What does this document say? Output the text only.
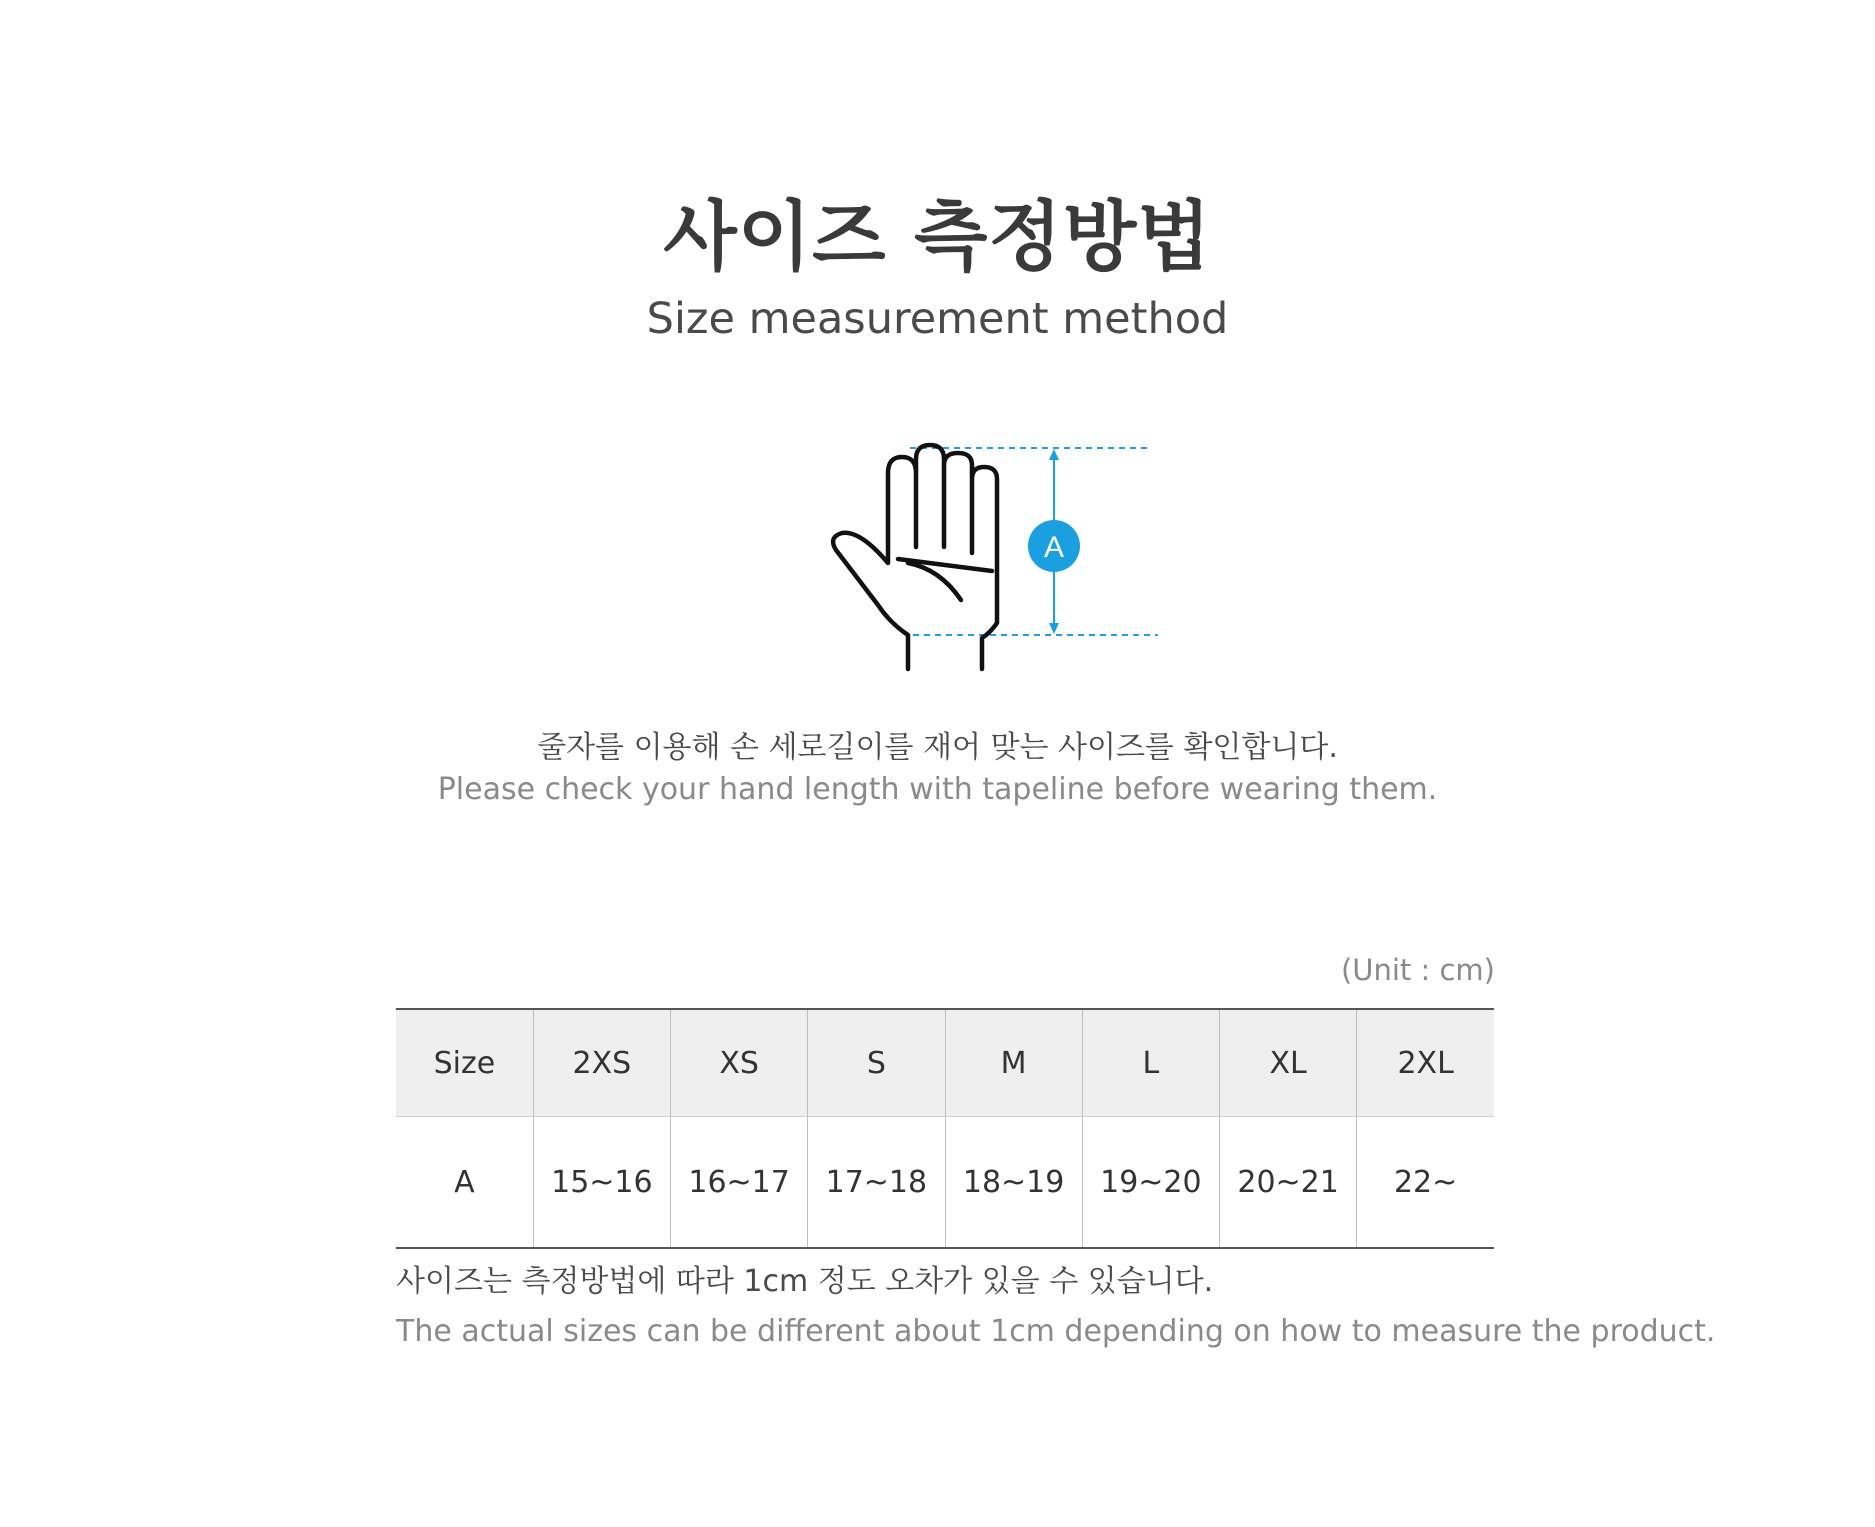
사이즈 측정방법
Size measurement method
A
줄자를 이용해 손 세로길이를 재어 맞는 사이즈를 확인합니다.
Please check your hand length with tapeline before wearing them.
(Unit : cm)
Size	2XS	XS	S	M	L	XL	2XL
A	15~16	16~17	17~18	18~19	19~20	20~21	22~
사이즈는 측정방법에 따라 1cm 정도 오차가 있을 수 있습니다.
The actual sizes can be different about 1cm depending on how to measure the product.
